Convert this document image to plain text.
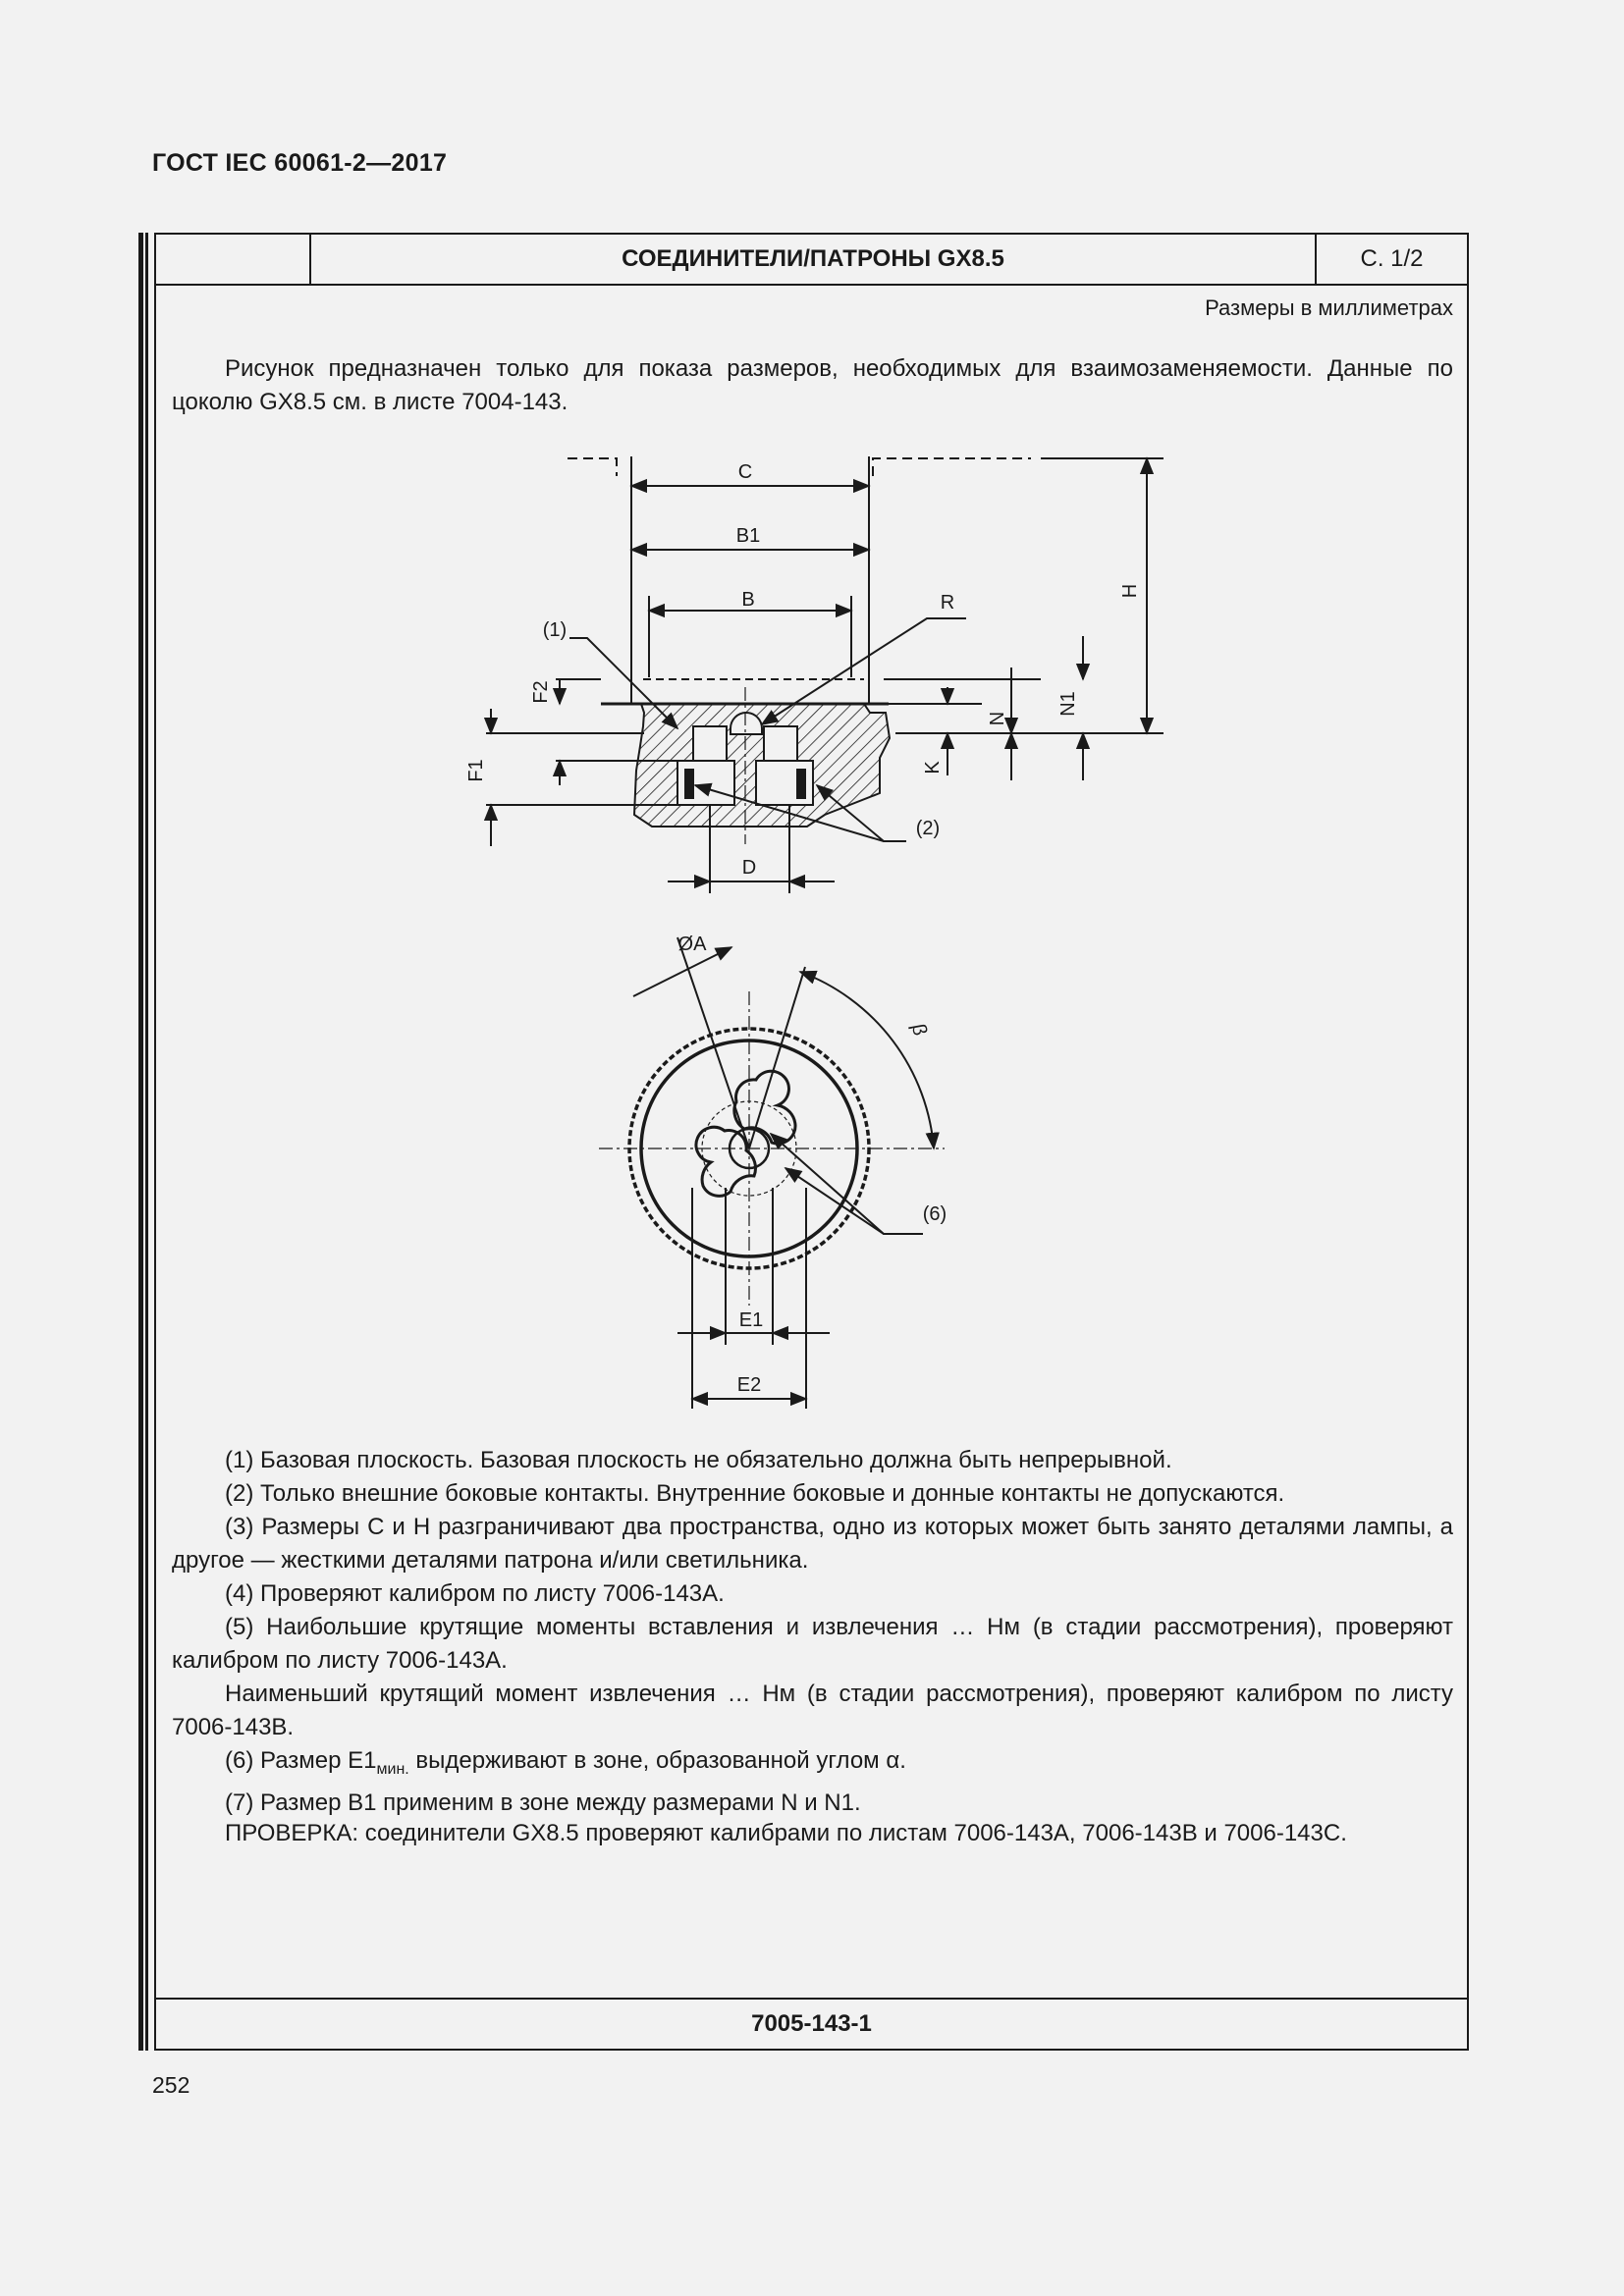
ГОСТ IEC 60061-2—2017
СОЕДИНИТЕЛИ/ПАТРОНЫ GX8.5	С. 1/2
Размеры в миллиметрах

Рисунок предназначен только для показа размеров, необходимых для взаимозаменяемости. Данные по цоколю GX8.5 см. в листе 7004-143.

(1) Базовая плоскость. Базовая плоскость не обязательно должна быть непрерывной.

(2) Только внешние боковые контакты. Внутренние боковые и донные контакты не допускаются.

(3) Размеры C и H разграничивают два пространства, одно из которых может быть занято деталями лампы, а другое — жесткими деталями патрона и/или светильника.

(4) Проверяют калибром по листу 7006-143А.

(5) Наибольшие крутящие моменты вставления и извлечения … Нм (в стадии рассмотрения), проверяют калибром по листу 7006-143А.

Наименьший крутящий момент извлечения … Нм (в стадии рассмотрения), проверяют калибром по листу 7006-143В.

(6) Размер $E1_{мин.}$ выдерживают в зоне, образованной углом α.

(7) Размер B1 применим в зоне между размерами N и N1.

ПРОВЕРКА: соединители GX8.5 проверяют калибрами по листам 7006-143А, 7006-143В и 7006-143С.

7005-143-1
252
C
B1
B	R
(1)
D
(2)
H
N
N1
K
F2
F1
ØA
β
(6)
E1
E2
